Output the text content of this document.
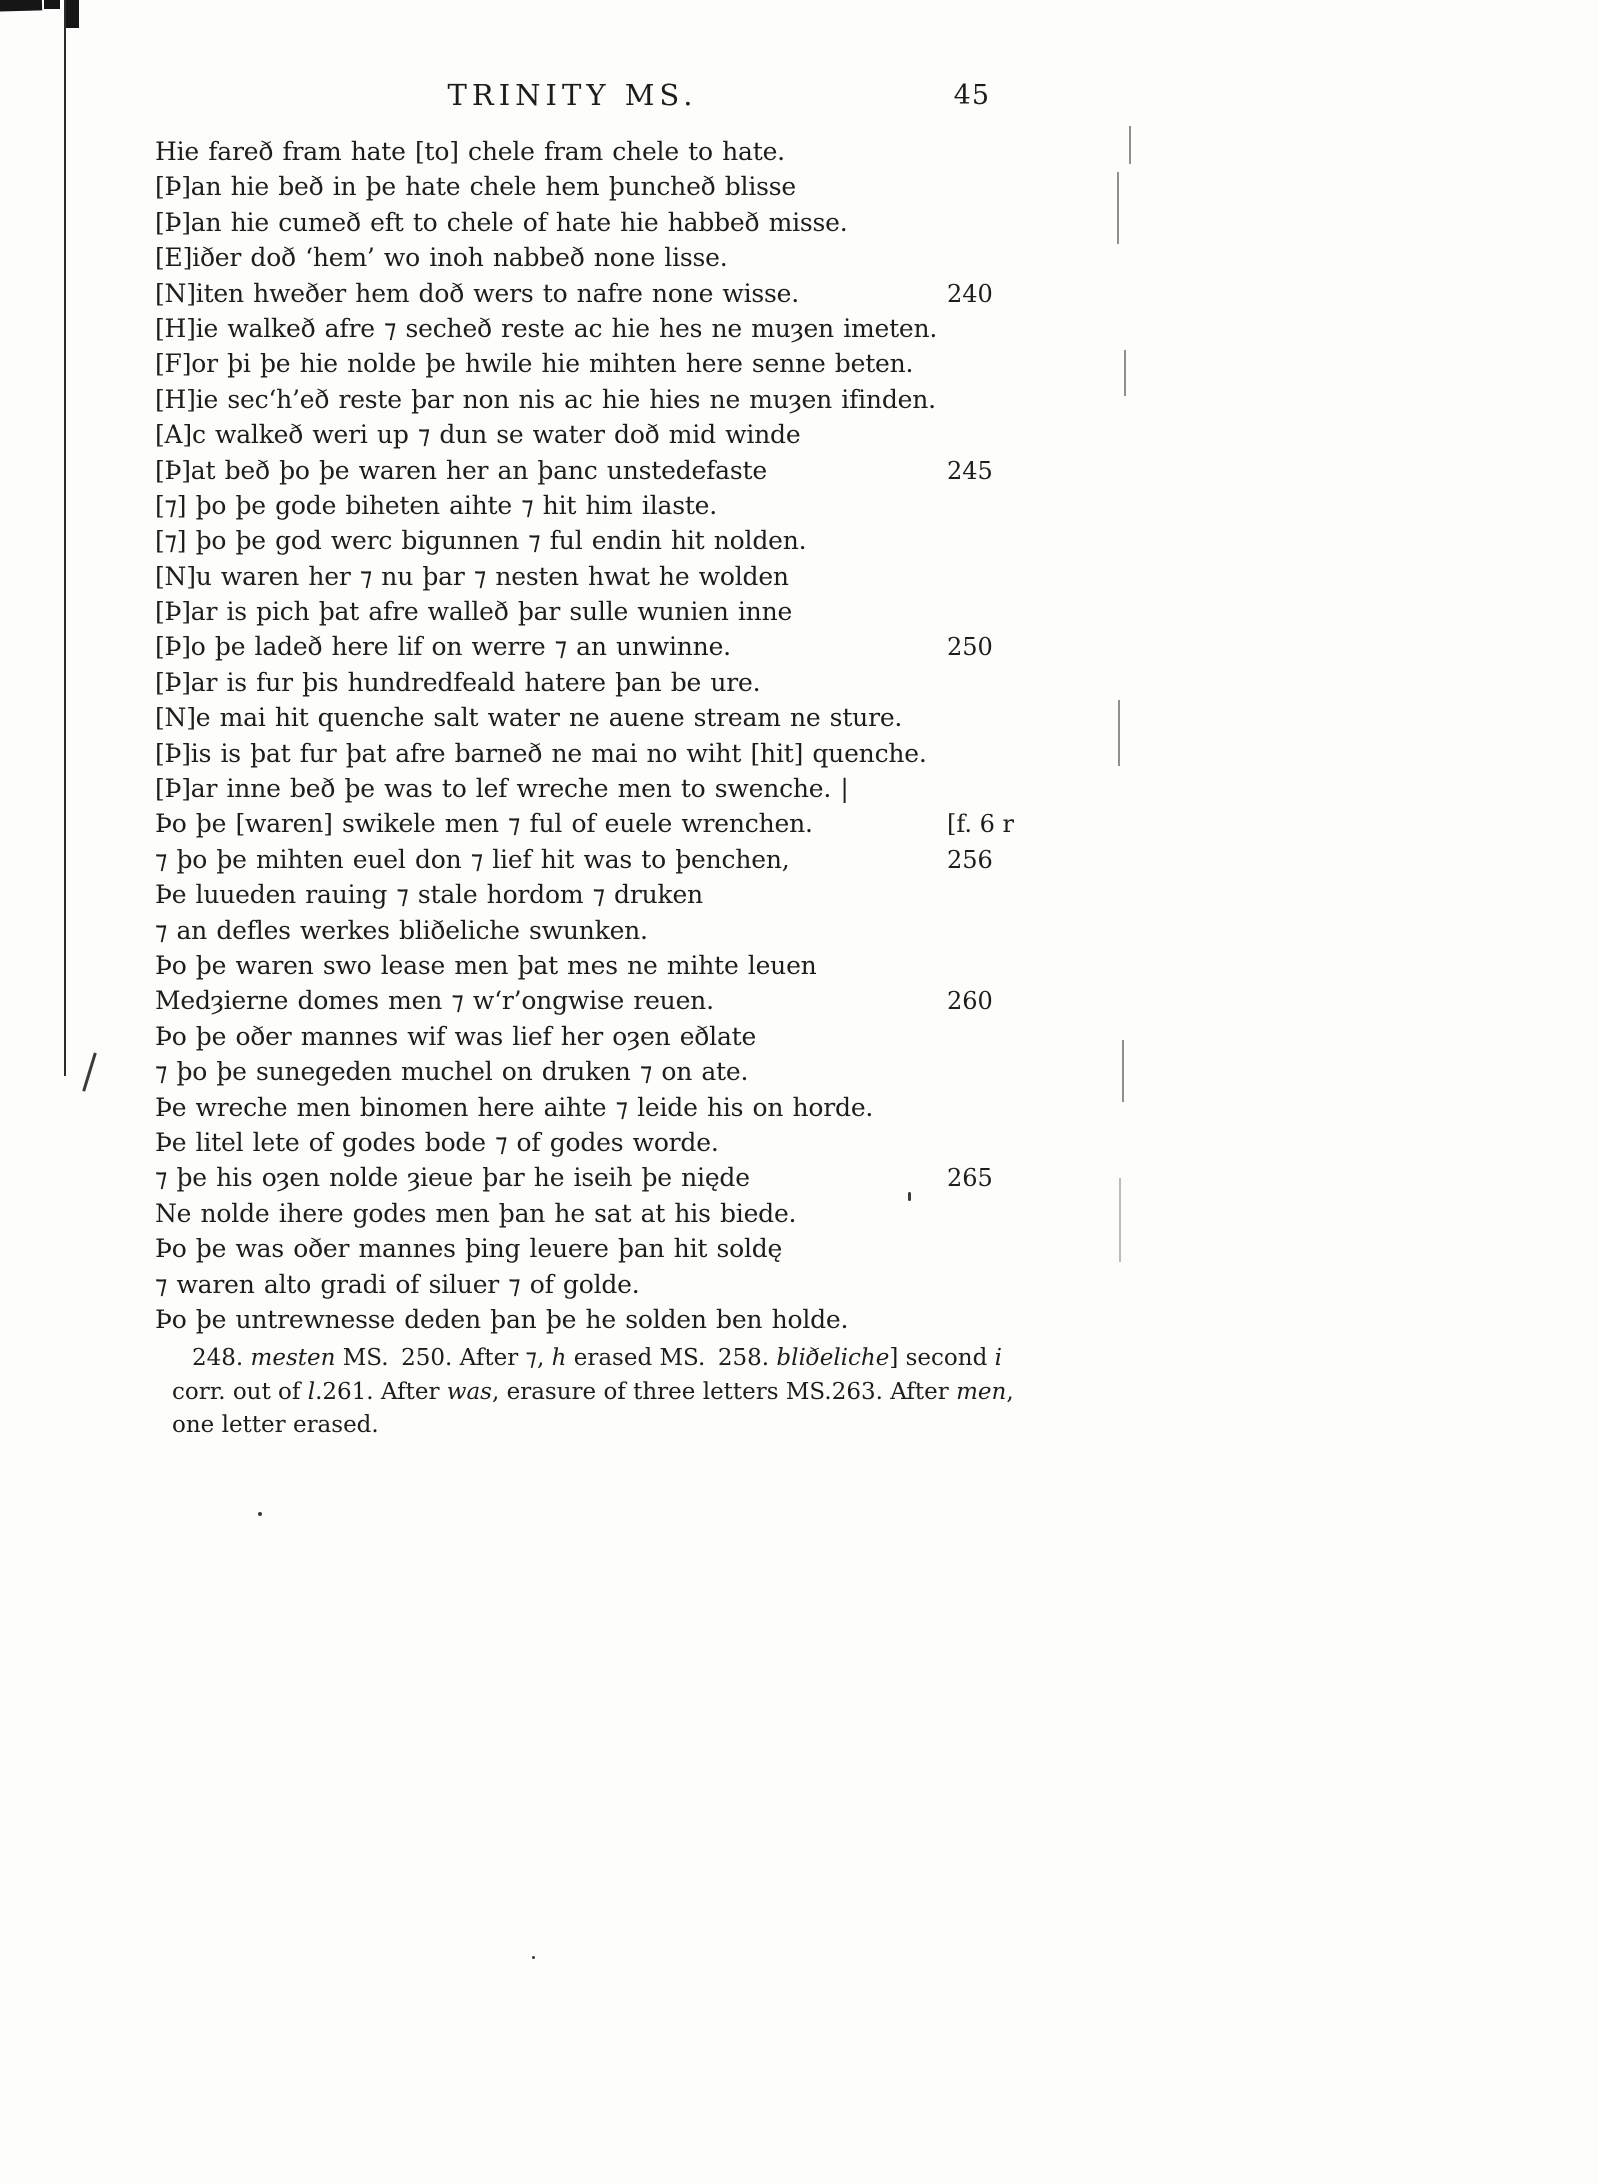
TRINITY MS.	45
Hie fareð fram hate [to] chele fram chele to hate.
[Þ]an hie beð in þe hate chele hem þuncheð blisse
[Þ]an hie cumeð eft to chele of hate hie habbeð misse.
[E]iðer doð ‘hem’ wo inoh nabbeð none lisse.
[N]iten hweðer hem doð wers to nafre none wisse.	240
[H]ie walkeð afre ⁊ secheð reste ac hie hes ne muȝen imeten.
[F]or þi þe hie nolde þe hwile hie mihten here senne beten.
[H]ie sec‘h’eð reste þar non nis ac hie hies ne muȝen ifinden.
[A]c walkeð weri up ⁊ dun se water doð mid winde
[Þ]at beð þo þe waren her an þanc unstedefaste	245
[⁊] þo þe gode biheten aihte ⁊ hit him ilaste.
[⁊] þo þe god werc bigunnen ⁊ ful endin hit nolden.
[N]u waren her ⁊ nu þar ⁊ nesten hwat he wolden
[Þ]ar is pich þat afre walleð þar sulle wunien inne
[Þ]o þe ladeð here lif on werre ⁊ an unwinne.	250
[Þ]ar is fur þis hundredfeald hatere þan be ure.
[N]e mai hit quenche salt water ne auene stream ne sture.
[Þ]is is þat fur þat afre barneð ne mai no wiht [hit] quenche.
[Þ]ar inne beð þe was to lef wreche men to swenche. |
Þo þe [waren] swikele men ⁊ ful of euele wrenchen.	[f. 6 r
⁊ þo þe mihten euel don ⁊ lief hit was to þenchen,	256
Þe luueden rauing ⁊ stale hordom ⁊ druken
⁊ an defles werkes bliðeliche swunken.
Þo þe waren swo lease men þat mes ne mihte leuen
Medȝierne domes men ⁊ w‘r’ongwise reuen.	260
Þo þe oðer mannes wif was lief her oȝen eðlate
⁊ þo þe sunegeden muchel on druken ⁊ on ate.
Þe wreche men binomen here aihte ⁊ leide his on horde.
Þe litel lete of godes bode ⁊ of godes worde.
⁊ þe his oȝen nolde ȝieue þar he iseih þe nięde	265
Ne nolde ihere godes men þan he sat at his biede.
Þo þe was oðer mannes þing leuere þan hit soldę
⁊ waren alto gradi of siluer ⁊ of golde.
Þo þe untrewnesse deden þan þe he solden ben holde.
248. mesten MS. 250. After ⁊, h erased MS. 258. bliðeliche] second i
corr. out of l. 261. After was, erasure of three letters MS. 263. After men,
one letter erased.
